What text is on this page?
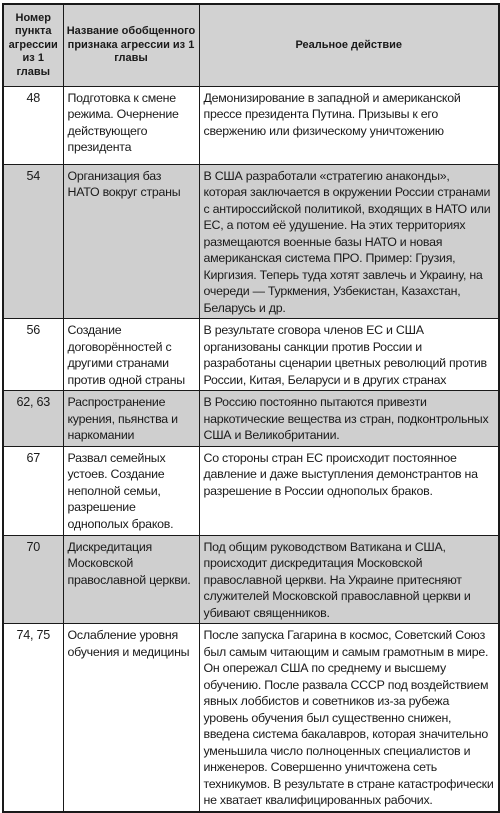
Номер пункта агрессии из 1 главы	Название обобщенного признака агрессии из 1 главы	Реальное действие
48	Подготовка к смене режима. Очернение действующего президента	Демонизирование в западной и американской прессе президента Путина. Призывы к его свержению или физическому уничтожению
54	Организация баз НАТО вокруг страны	В США разработали «стратегию анаконды», которая заключается в окружении России странами с антироссийской политикой, входящих в НАТО или ЕС, а потом её удушение. На этих территориях размещаются военные базы НАТО и новая американская система ПРО. Пример: Грузия, Киргизия. Теперь туда хотят завлечь и Украину, на очереди — Туркмения, Узбекистан, Казахстан, Беларусь и др.
56	Создание договорённостей с другими странами против одной страны	В результате сговора членов ЕС и США организованы санкции против России и разработаны сценарии цветных революций против России, Китая, Беларуси и в других странах
62, 63	Распространение курения, пьянства и наркомании	В Россию постоянно пытаются привезти наркотические вещества из стран, подконтрольных США и Великобритании.
67	Развал семейных устоев. Создание неполной семьи, разрешение однополых браков.	Со стороны стран ЕС происходит постоянное давление и даже выступления демонстрантов на разрешение в России однополых браков.
70	Дискредитация Московской православной церкви.	Под общим руководством Ватикана и США, происходит дискредитация Московской православной церкви. На Украине притесняют служителей Московской православной церкви и убивают священников.
74, 75	Ослабление уровня обучения и медицины	После запуска Гагарина в космос, Советский Союз был самым читающим и самым грамотным в мире. Он опережал США по среднему и высшему обучению. После развала СССР под воздействием явных лоббистов и советников из-за рубежа уровень обучения был существенно снижен, введена система бакалавров, которая значительно уменьшила число полноценных специалистов и инженеров. Совершенно уничтожена сеть техникумов. В результате в стране катастрофически не хватает квалифицированных рабочих.
